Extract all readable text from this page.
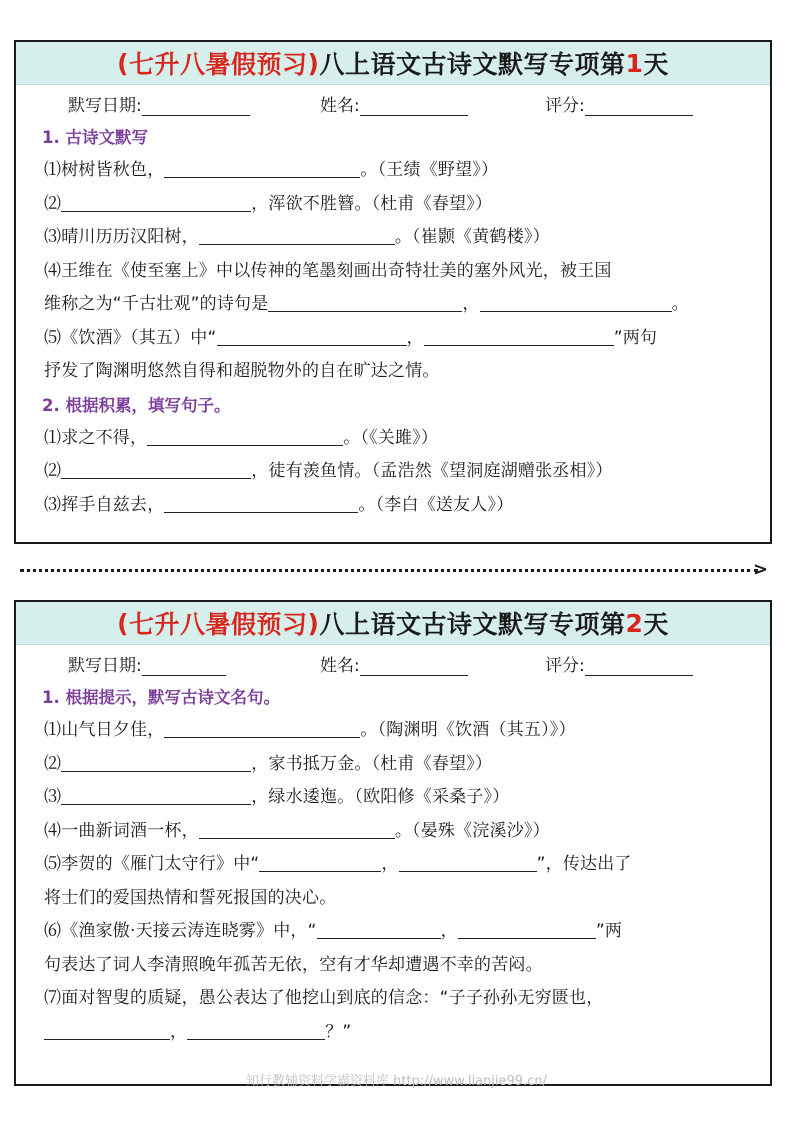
( 七升八暑假预习 ) 八上语文古诗文默写专项第 1 天
默写日期:	姓名:	评分:
1. 古诗文默写
⑴树树皆秋色，	。（王绩《野望》）
⑵	，浑欲不胜簪。（杜甫《春望》）
⑶晴川历历汉阳树，	。（崔颢《黄鹤楼》）
⑷王维在《使至塞上》中以传神的笔墨刻画出奇特壮美的塞外风光，被王国
维称之为“千古壮观”的诗句是	，	。
⑸《饮酒》（其五）中“	，	”两句
抒发了陶渊明悠然自得和超脱物外的自在旷达之情。
2. 根据积累，填写句子。
⑴求之不得，	。（《关雎》）
⑵	，徒有羡鱼情。（孟浩然《望洞庭湖赠张丞相》）
⑶挥手自兹去，	。（李白《送友人》）
>
( 七升八暑假预习 ) 八上语文古诗文默写专项第 2 天
默写日期:	姓名:	评分:
1. 根据提示，默写古诗文名句。
⑴山气日夕佳，	。（陶渊明《饮酒（其五）》）
⑵	，家书抵万金。（杜甫《春望》）
⑶	，绿水逶迤。（欧阳修《采桑子》）
⑷一曲新词酒一杯，	。（晏殊《浣溪沙》）
⑸李贺的《雁门太守行》中“	，	”，传达出了
将士们的爱国热情和誓死报国的决心。
⑹《渔家傲·天接云涛连晓雾》中，“	，	”两
句表达了词人李清照晚年孤苦无依，空有才华却遭遇不幸的苦闷。
⑺面对智叟的质疑，愚公表达了他挖山到底的信念：“子子孙孙无穷匮也，
，	？”
知行教辅资料学霸资料库 http://www.lianjie99.cn/
